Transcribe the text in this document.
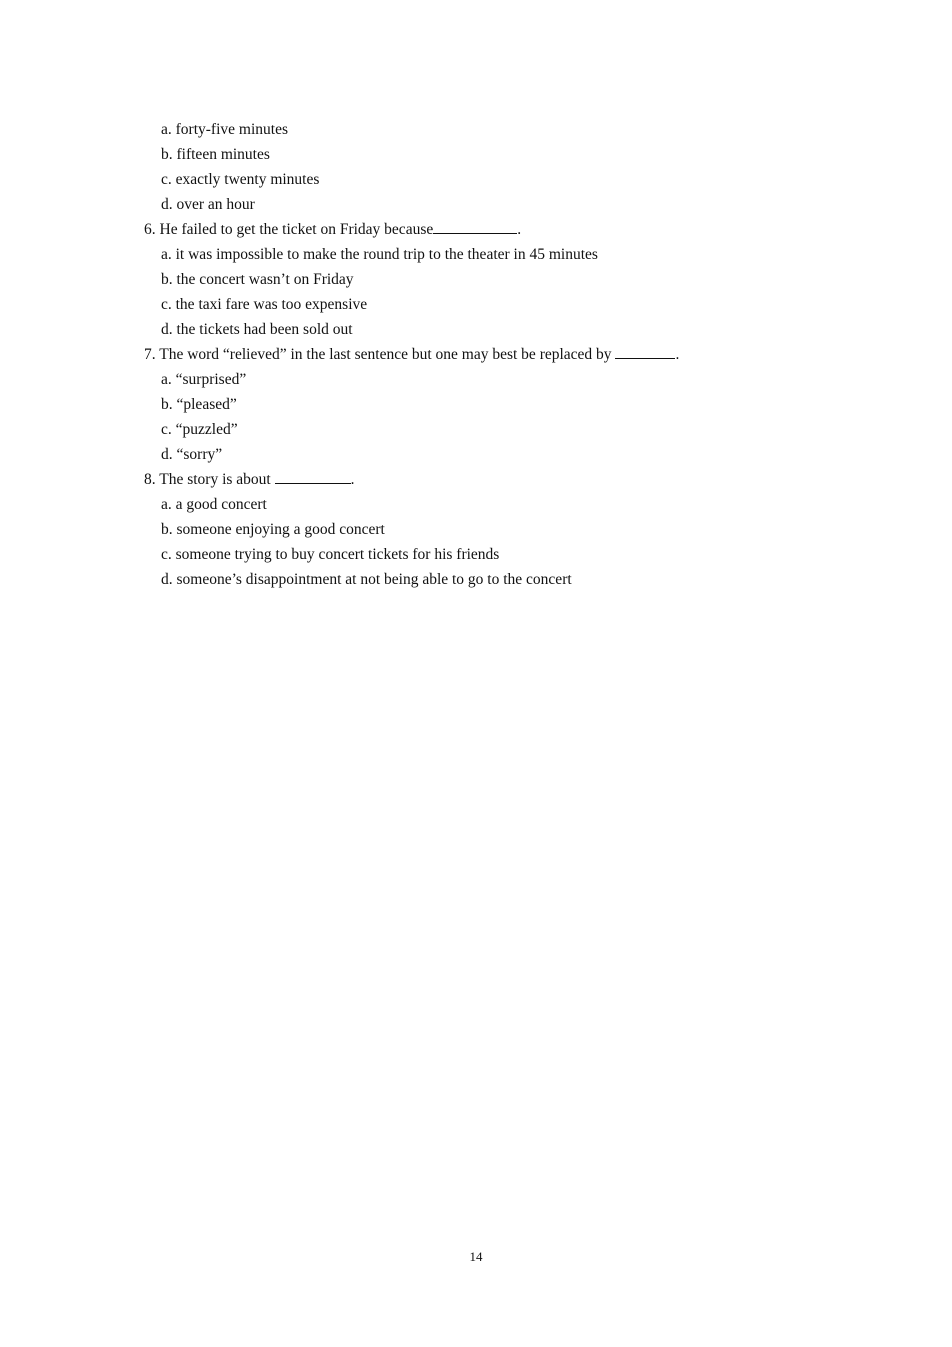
a. forty-five minutes
b. fifteen minutes
c. exactly twenty minutes
d. over an hour
6. He failed to get the ticket on Friday because	.
a. it was impossible to make the round trip to the theater in 45 minutes
b. the concert wasn’t on Friday
c. the taxi fare was too expensive
d. the tickets had been sold out
7. The word “relieved” in the last sentence but one may best be replaced by	.
a. “surprised”
b. “pleased”
c. “puzzled”
d. “sorry”
8. The story is about	.
a. a good concert
b. someone enjoying a good concert
c. someone trying to buy concert tickets for his friends
d. someone’s disappointment at not being able to go to the concert
14
